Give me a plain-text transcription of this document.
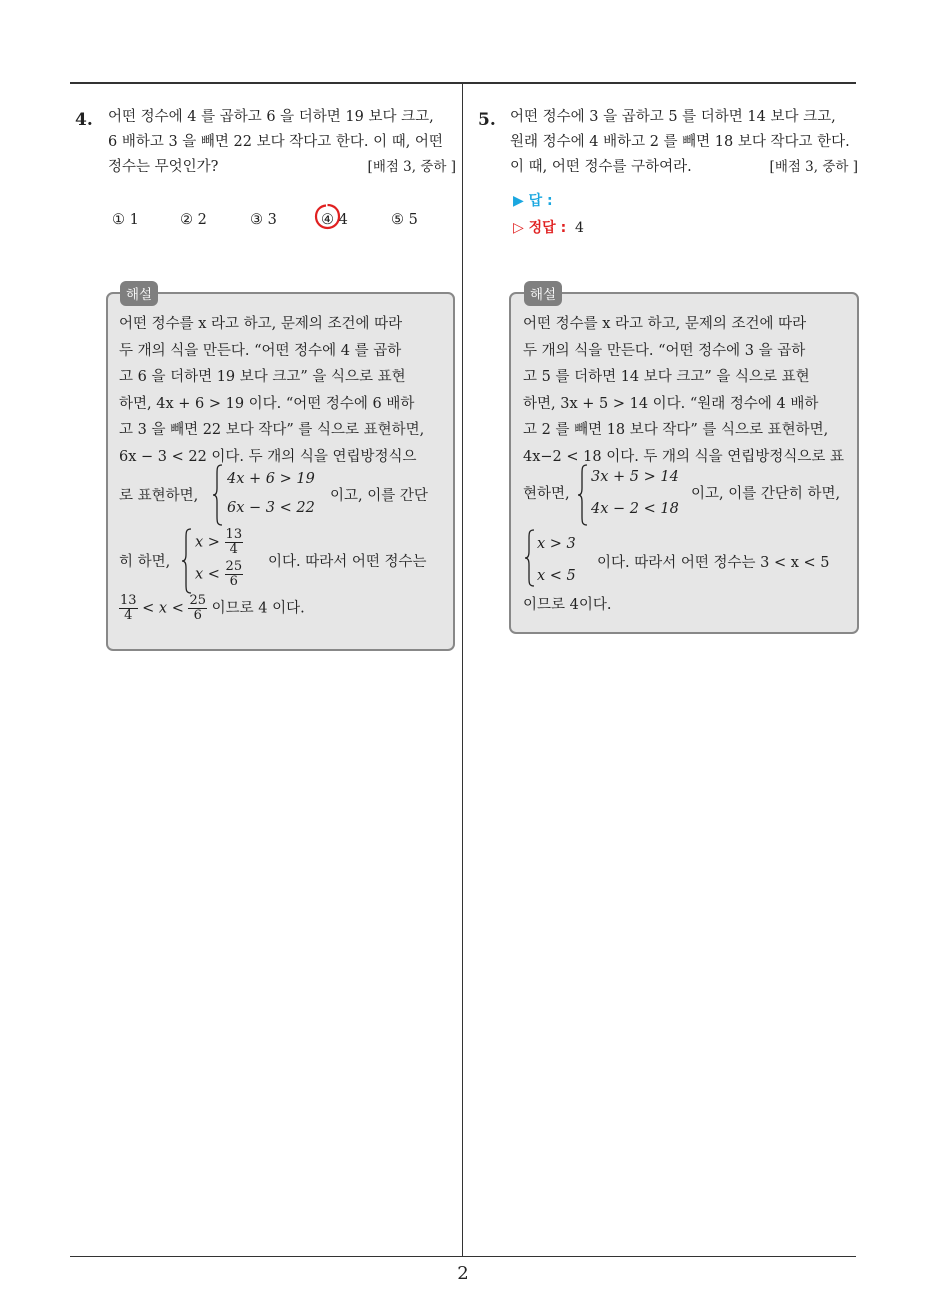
4. 어떤 정수에 4 를 곱하고 6 을 더하면 19 보다 크고,
6 배하고 3 을 빼면 22 보다 작다고 한다. 이 때, 어떤
정수는 무엇인가?	[배점 3, 중하 ]
① 1	② 2	③ 3	④ 4	⑤ 5
어떤 정수를 x 라고 하고, 문제의 조건에 따라
두 개의 식을 만든다. “어떤 정수에 4 를 곱하
고 6 을 더하면 19 보다 크고” 을 식으로 표현
하면, 4x + 6 > 19 이다. “어떤 정수에 6 배하
고 3 을 빼면 22 보다 작다” 를 식으로 표현하면,
6x − 3 < 22 이다. 두 개의 식을 연립방정식으
로 표현하면,
4x + 6 > 19
6x − 3 < 22
이고, 이를 간단
히 하면,
$x > \frac{13}{4}$
$x < \frac{25}{6}$ 이다. 따라서 어떤 정수는
$\frac{13}{4} < x < \frac{25}{6}$ 이므로 4 이다.
해설
5. 어떤 정수에 3 을 곱하고 5 를 더하면 14 보다 크고,
원래 정수에 4 배하고 2 를 빼면 18 보다 작다고 한다.
이 때, 어떤 정수를 구하여라.	[배점 3, 중하 ]
▶ 답 :
▷ 정답 : 4
어떤 정수를 x 라고 하고, 문제의 조건에 따라
두 개의 식을 만든다. “어떤 정수에 3 을 곱하
고 5 를 더하면 14 보다 크고” 을 식으로 표현
하면, 3x + 5 > 14 이다. “원래 정수에 4 배하
고 2 를 빼면 18 보다 작다” 를 식으로 표현하면,
4x−2 < 18 이다. 두 개의 식을 연립방정식으로 표
현하면,
3x + 5 > 14
4x − 2 < 18
이고, 이를 간단히 하면,
x > 3
x < 5
이다. 따라서 어떤 정수는 3 < x < 5
이므로 4이다.
해설
2
